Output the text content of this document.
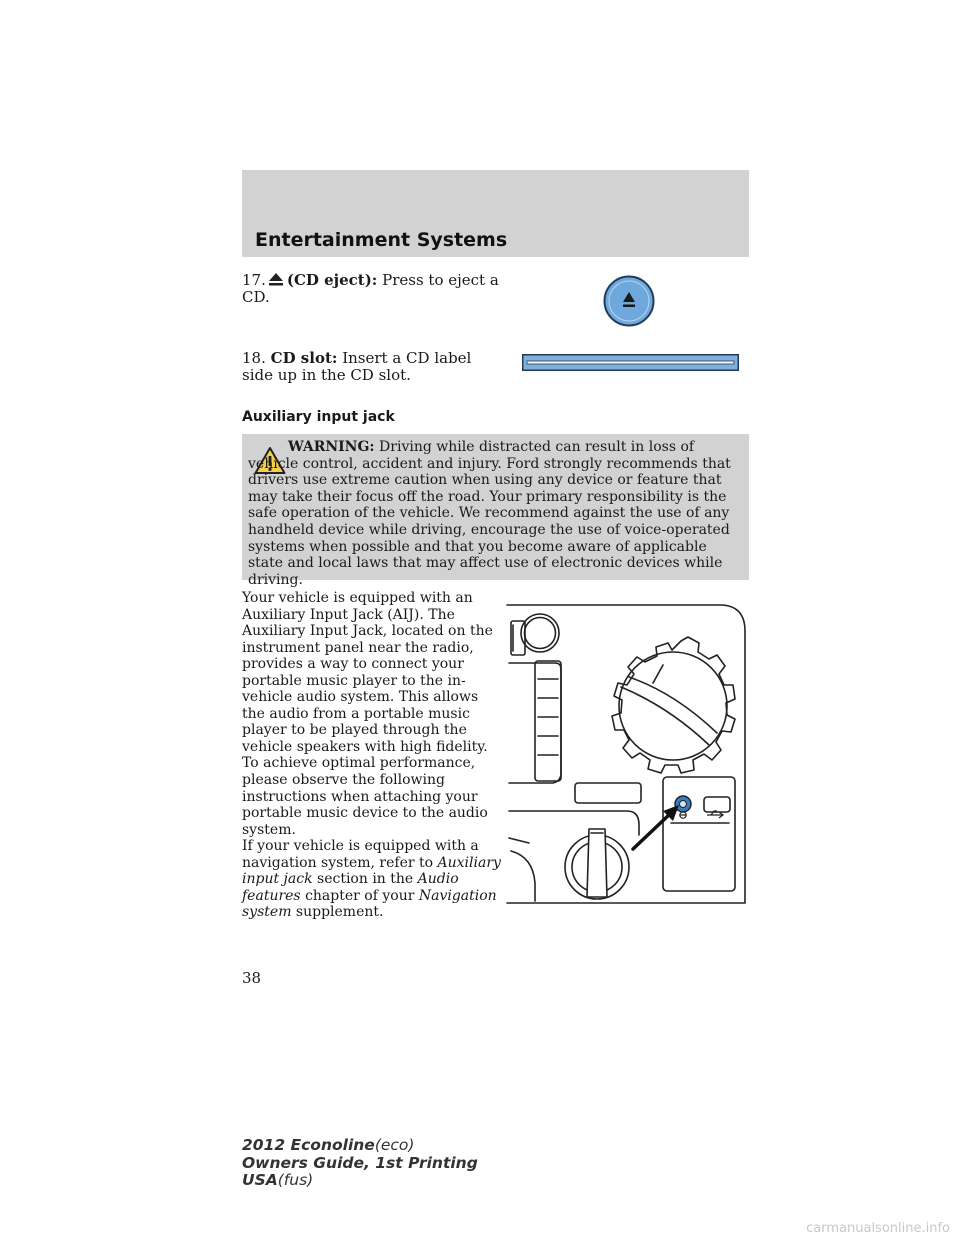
Entertainment Systems
17. (CD eject): Press to eject a CD.
18. CD slot: Insert a CD label side up in the CD slot.
Auxiliary input jack
WARNING: Driving while distracted can result in loss of vehicle control, accident and injury. Ford strongly recommends that drivers use extreme caution when using any device or feature that may take their focus off the road. Your primary responsibility is the safe operation of the vehicle. We recommend against the use of any handheld device while driving, encourage the use of voice-operated systems when possible and that you become aware of applicable state and local laws that may affect use of electronic devices while driving.

Your vehicle is equipped with an Auxiliary Input Jack (AIJ). The Auxiliary Input Jack, located on the instrument panel near the radio, provides a way to connect your portable music player to the in-vehicle audio system. This allows the audio from a portable music player to be played through the vehicle speakers with high fidelity. To achieve optimal performance, please observe the following instructions when attaching your portable music device to the audio system.

If your vehicle is equipped with a navigation system, refer to Auxiliary input jack section in the Audio features chapter of your Navigation system supplement.

38
2012 Econoline(eco)
Owners Guide, 1st Printing
USA(fus)
carmanualsonline.info
